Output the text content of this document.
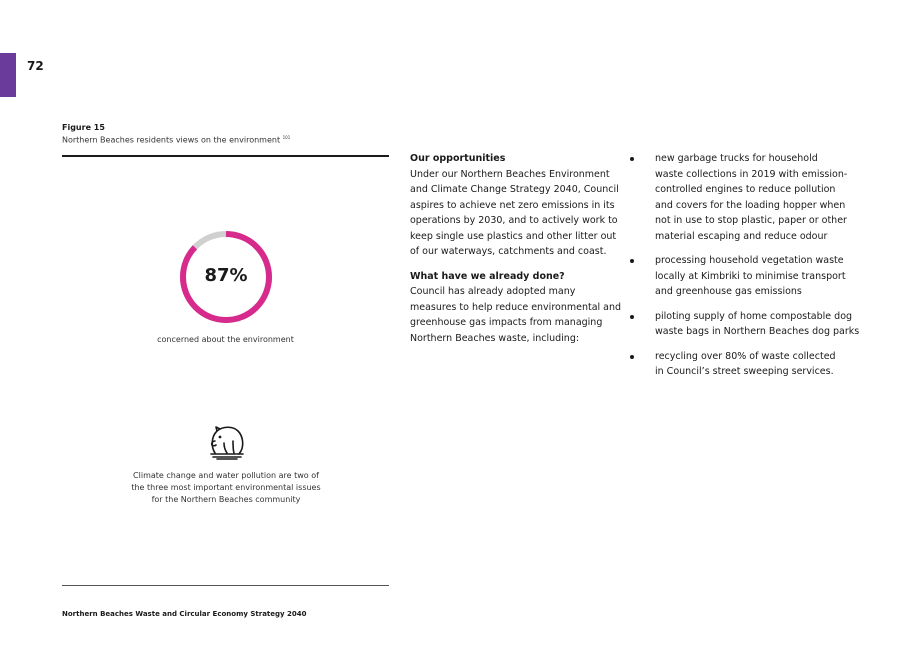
72
Figure 15
Northern Beaches residents views on the environment $^{101}$
87%
concerned about the environment
Climate change and water pollution are two of
the three most important environmental issues
for the Northern Beaches community
Northern Beaches Waste and Circular Economy Strategy 2040
Our opportunities

Under our Northern Beaches Environment
and Climate Change Strategy 2040, Council
aspires to achieve net zero emissions in its
operations by 2030, and to actively work to
keep single use plastics and other litter out
of our waterways, catchments and coast.

What have we already done?

Council has already adopted many
measures to help reduce environmental and
greenhouse gas impacts from managing
Northern Beaches waste, including:

new garbage trucks for household
waste collections in 2019 with emission-
controlled engines to reduce pollution
and covers for the loading hopper when
not in use to stop plastic, paper or other
material escaping and reduce odour
processing household vegetation waste
locally at Kimbriki to minimise transport
and greenhouse gas emissions
piloting supply of home compostable dog
waste bags in Northern Beaches dog parks
recycling over 80% of waste collected
in Council’s street sweeping services.
